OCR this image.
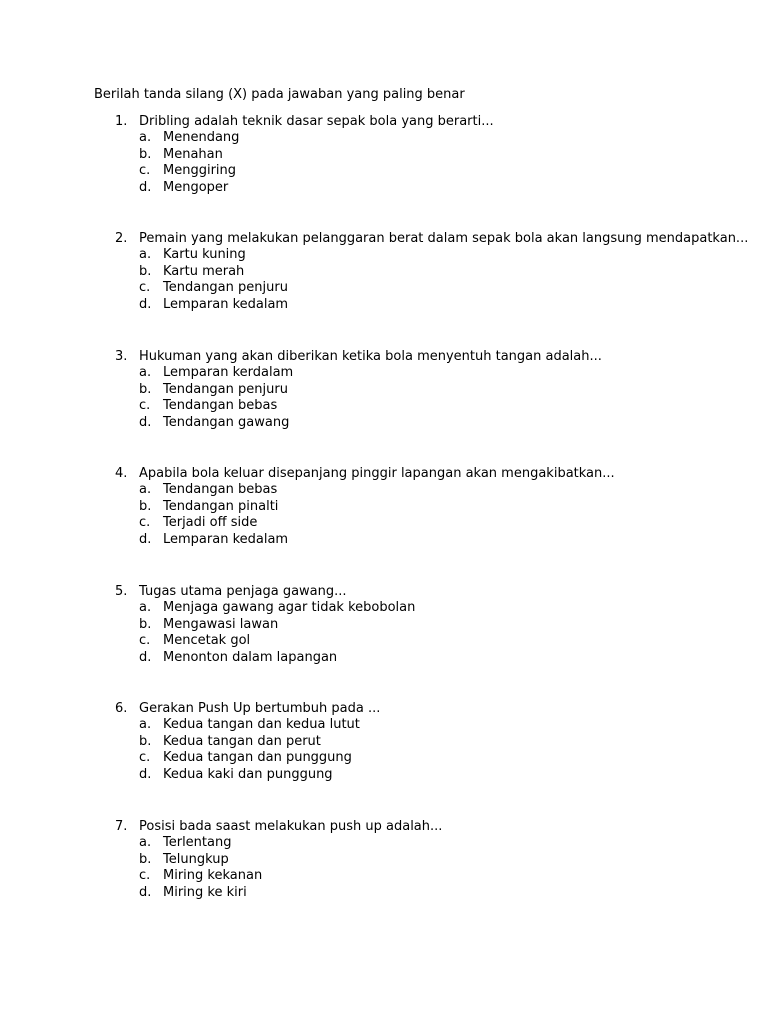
Berilah tanda silang (X) pada jawaban yang paling benar
1. Dribling adalah teknik dasar sepak bola yang berarti...
a. Menendang
b. Menahan
c. Menggiring
d. Mengoper
2. Pemain yang melakukan pelanggaran berat dalam sepak bola akan langsung mendapatkan...
a. Kartu kuning
b. Kartu merah
c. Tendangan penjuru
d. Lemparan kedalam
3. Hukuman yang akan diberikan ketika bola menyentuh tangan adalah...
a. Lemparan kerdalam
b. Tendangan penjuru
c. Tendangan bebas
d. Tendangan gawang
4. Apabila bola keluar disepanjang pinggir lapangan akan mengakibatkan...
a. Tendangan bebas
b. Tendangan pinalti
c. Terjadi off side
d. Lemparan kedalam
5. Tugas utama penjaga gawang...
a. Menjaga gawang agar tidak kebobolan
b. Mengawasi lawan
c. Mencetak gol
d. Menonton dalam lapangan
6. Gerakan Push Up bertumbuh pada ...
a. Kedua tangan dan kedua lutut
b. Kedua tangan dan perut
c. Kedua tangan dan punggung
d. Kedua kaki dan punggung
7. Posisi bada saast melakukan push up adalah...
a. Terlentang
b. Telungkup
c. Miring kekanan
d. Miring ke kiri
